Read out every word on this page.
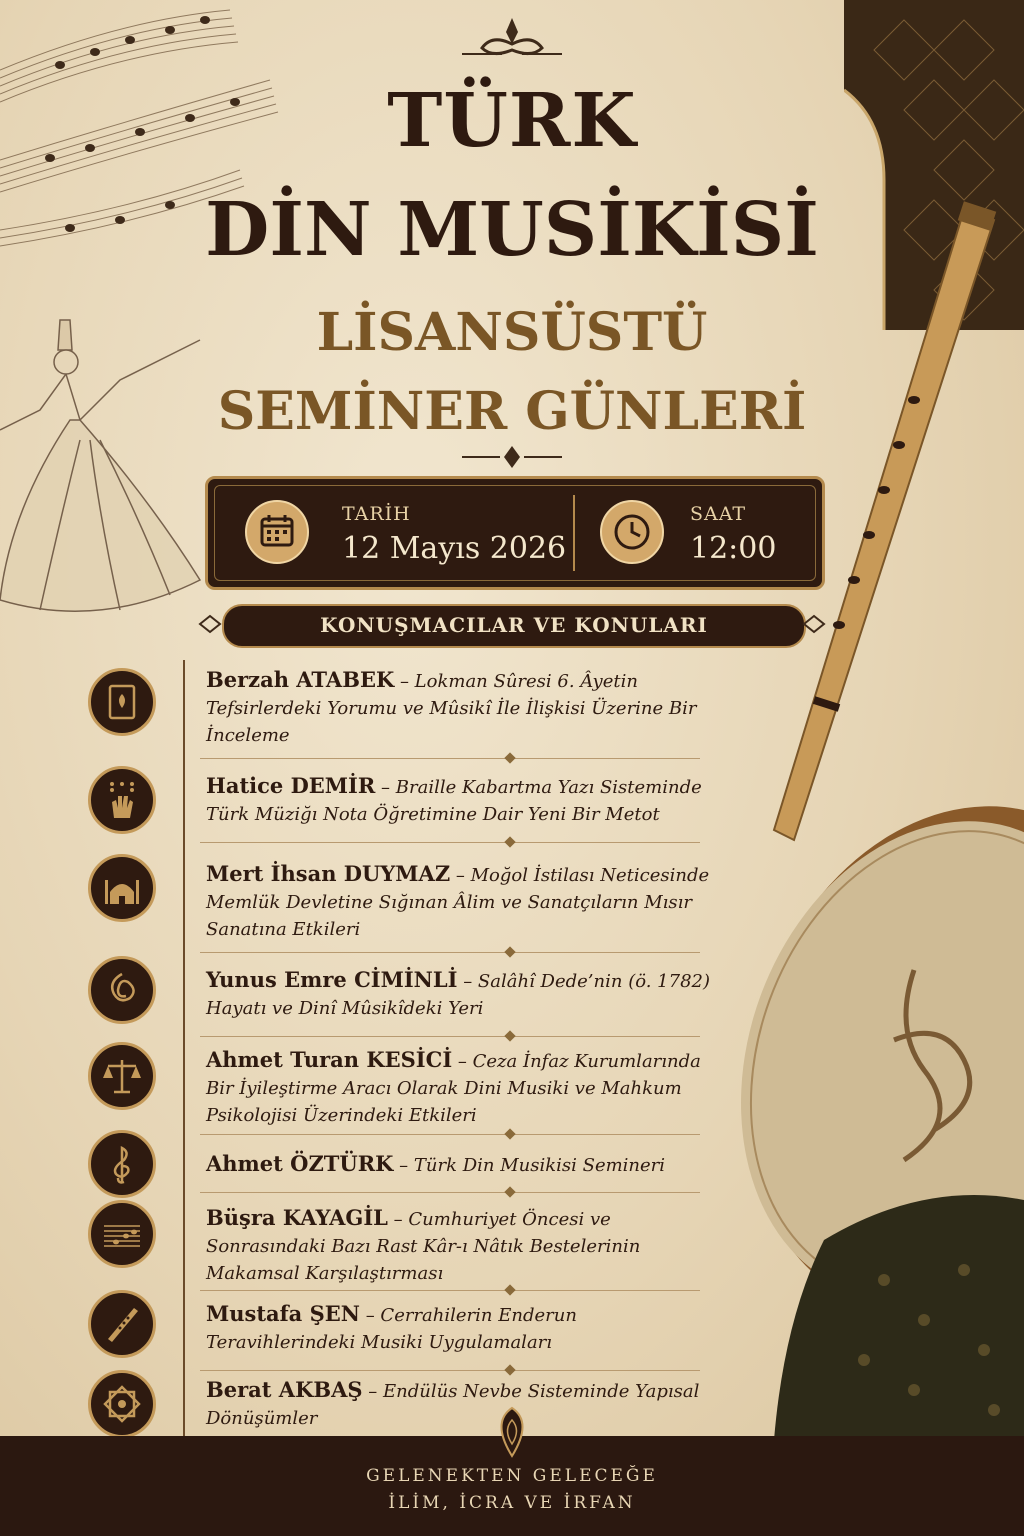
TÜRK
DİN MUSİKİSİ
LİSANSÜSTÜ
SEMİNER GÜNLERİ
TARİH
12 Mayıs 2026
SAAT
12:00
KONUŞMACILAR VE KONULARI
Berzah ATABEK – Lokman Sûresi 6. Âyetin Tefsirlerdeki Yorumu ve Mûsikî İle İlişkisi Üzerine Bir İnceleme
Hatice DEMİR – Braille Kabartma Yazı Sisteminde Türk Müziğı Nota Öğretimine Dair Yeni Bir Metot
Mert İhsan DUYMAZ – Moğol İstilası Neticesinde Memlük Devletine Sığınan Âlim ve Sanatçıların Mısır Sanatına Etkileri
Yunus Emre CİMİNLİ – Salâhî Dede’nin (ö. 1782) Hayatı ve Dinî Mûsikîdeki Yeri
Ahmet Turan KESİCİ – Ceza İnfaz Kurumlarında Bir İyileştirme Aracı Olarak Dini Musiki ve Mahkum Psikolojisi Üzerindeki Etkileri
Ahmet ÖZTÜRK – Türk Din Musikisi Semineri
Büşra KAYAGİL – Cumhuriyet Öncesi ve Sonrasındaki Bazı Rast Kâr-ı Nâtık Bestelerinin Makamsal Karşılaştırması
Mustafa ŞEN – Cerrahilerin Enderun Teravihlerindeki Musiki Uygulamaları
Berat AKBAŞ – Endülüs Nevbe Sisteminde Yapısal Dönüşümler
GELENEKTEN GELECEĞE
İLİM, İCRA VE İRFAN
